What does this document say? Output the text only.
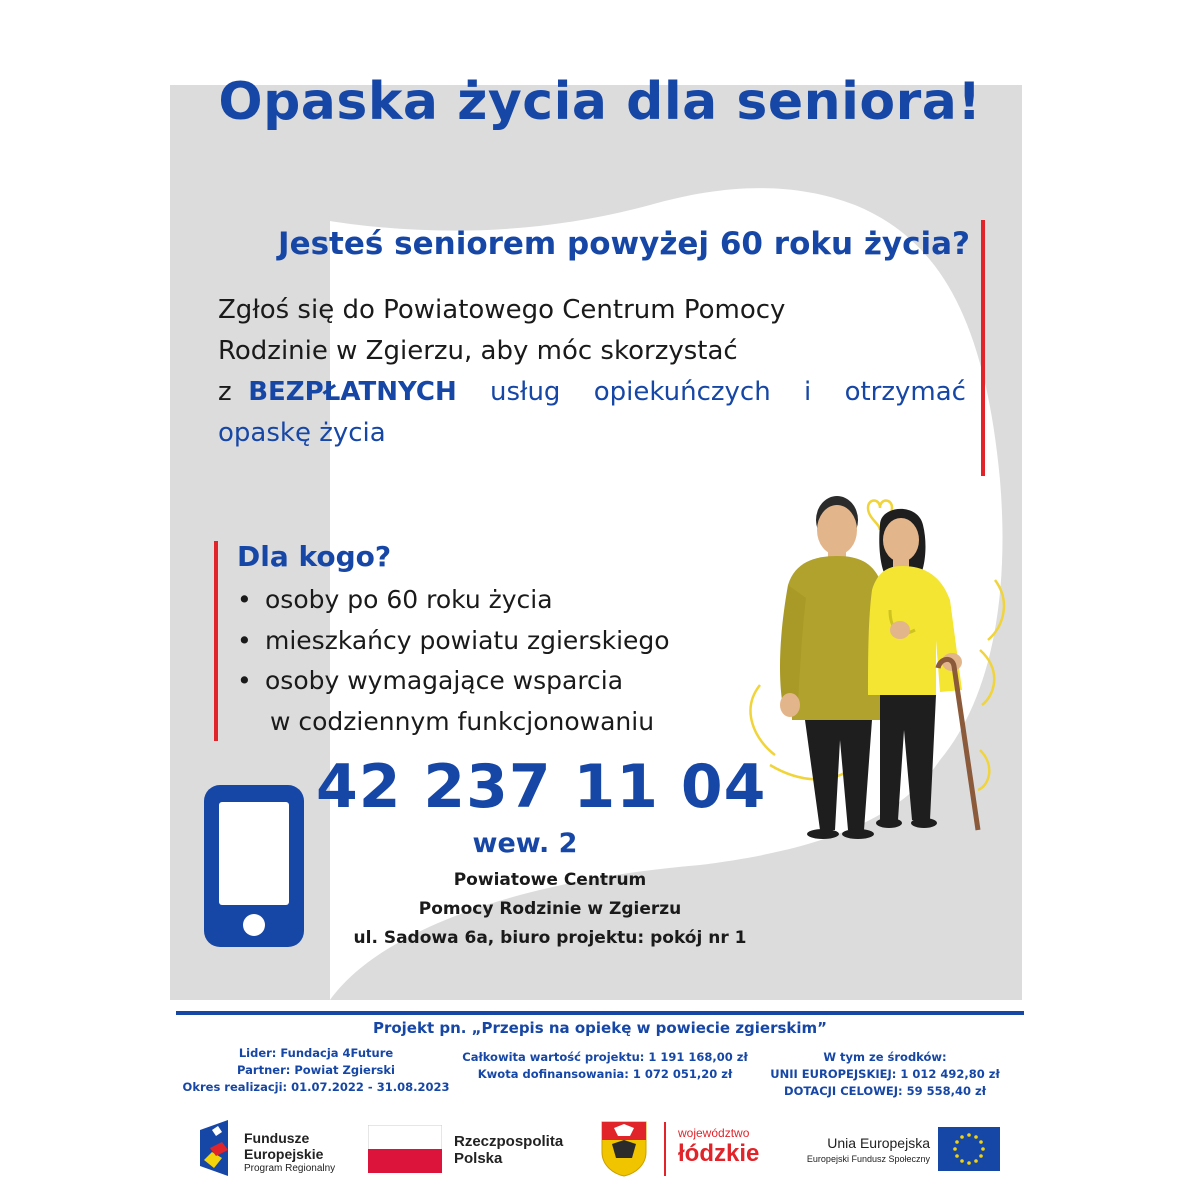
Opaska życia dla seniora!
Jesteś seniorem powyżej 60 roku życia?
Zgłoś się do Powiatowego Centrum Pomocy
Rodzinie w Zgierzu, aby móc skorzystać
z BEZPŁATNYCH usług opiekuńczych i otrzymać
opaskę życia
Dla kogo?
• osoby po 60 roku życia
• mieszkańcy powiatu zgierskiego
• osoby wymagające wsparcia
w codziennym funkcjonowaniu
42 237 11 04
wew. 2
Powiatowe Centrum
Pomocy Rodzinie w Zgierzu
ul. Sadowa 6a, biuro projektu: pokój nr 1
Projekt pn. „Przepis na opiekę w powiecie zgierskim”
Lider: Fundacja 4Future
Partner: Powiat Zgierski
Okres realizacji: 01.07.2022 - 31.08.2023
Całkowita wartość projektu: 1 191 168,00 zł
Kwota dofinansowania: 1 072 051,20 zł
W tym ze środków:
UNII EUROPEJSKIEJ: 1 012 492,80 zł
DOTACJI CELOWEJ: 59 558,40 zł
Fundusze
Europejskie
Program Regionalny
Rzeczpospolita
Polska
województwo
łódzkie	Unia Europejska
Europejski Fundusz Społeczny
